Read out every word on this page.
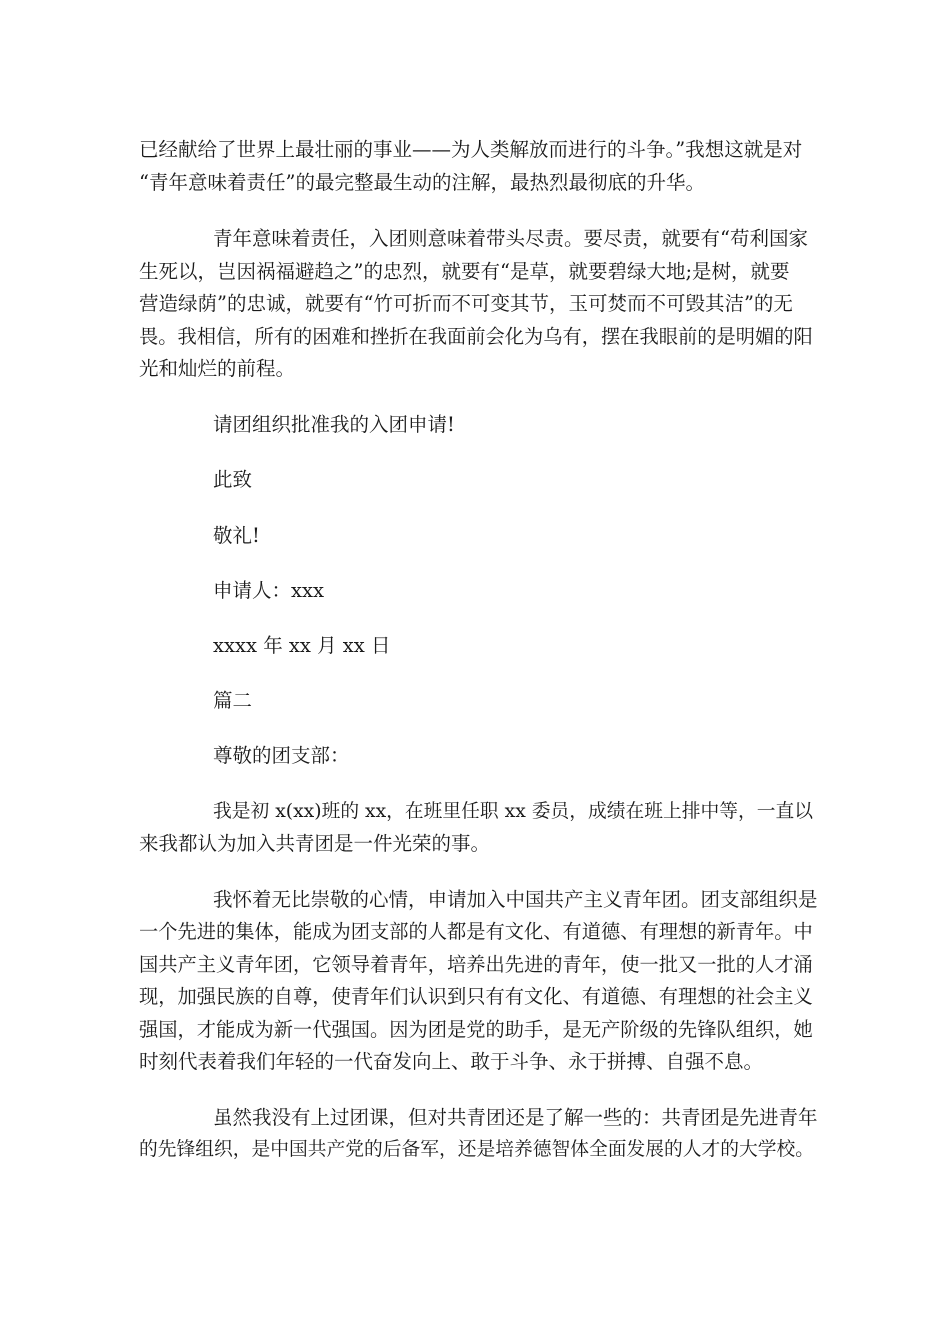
已经献给了世界上最壮丽的事业——为人类解放而进行的斗争。”我想这就是对
“青年意味着责任”的最完整最生动的注解，最热烈最彻底的升华。
青年意味着责任，入团则意味着带头尽责。要尽责，就要有“苟利国家
生死以，岂因祸福避趋之”的忠烈，就要有“是草，就要碧绿大地;是树，就要
营造绿荫”的忠诚，就要有“竹可折而不可变其节，玉可焚而不可毁其洁”的无
畏。我相信，所有的困难和挫折在我面前会化为乌有，摆在我眼前的是明媚的阳
光和灿烂的前程。
请团组织批准我的入团申请!
此致
敬礼!
申请人：xxx
xxxx 年 xx 月 xx 日
篇二
尊敬的团支部：
我是初 x(xx)班的 xx，在班里任职 xx 委员，成绩在班上排中等，一直以
来我都认为加入共青团是一件光荣的事。
我怀着无比崇敬的心情，申请加入中国共产主义青年团。团支部组织是
一个先进的集体，能成为团支部的人都是有文化、有道德、有理想的新青年。中
国共产主义青年团，它领导着青年，培养出先进的青年，使一批又一批的人才涌
现，加强民族的自尊，使青年们认识到只有有文化、有道德、有理想的社会主义
强国，才能成为新一代强国。因为团是党的助手，是无产阶级的先锋队组织，她
时刻代表着我们年轻的一代奋发向上、敢于斗争、永于拼搏、自强不息。
虽然我没有上过团课，但对共青团还是了解一些的：共青团是先进青年
的先锋组织，是中国共产党的后备军，还是培养德智体全面发展的人才的大学校。
